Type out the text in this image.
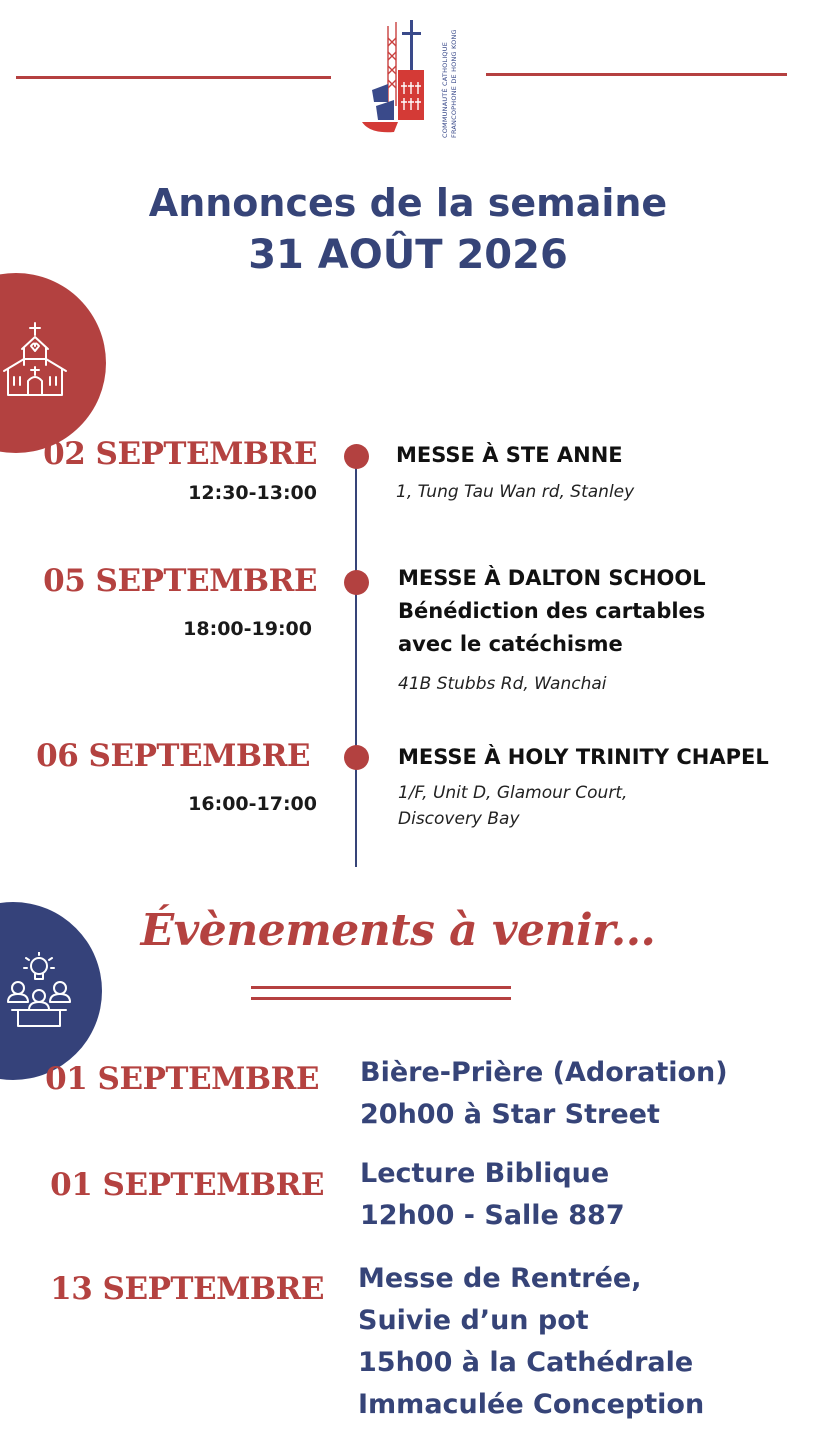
COMMUNAUTÉ CATHOLIQUE FRANCOPHONE DE HONG KONG
Annonces de la semaine
31 AOÛT 2026
02 SEPTEMBRE
12:30-13:00
MESSE À STE ANNE
1, Tung Tau Wan rd, Stanley
05 SEPTEMBRE
18:00-19:00
MESSE À DALTON SCHOOL
Bénédiction des cartables
avec le catéchisme
41B Stubbs Rd, Wanchai
06 SEPTEMBRE
16:00-17:00
MESSE À HOLY TRINITY CHAPEL
1/F, Unit D, Glamour Court,
Discovery Bay
Évènements à venir...
01 SEPTEMBRE Bière-Prière (Adoration)
20h00 à Star Street
01 SEPTEMBRE Lecture Biblique
12h00 - Salle 887
13 SEPTEMBRE Messe de Rentrée,
Suivie d’un pot
15h00 à la Cathédrale
Immaculée Conception
